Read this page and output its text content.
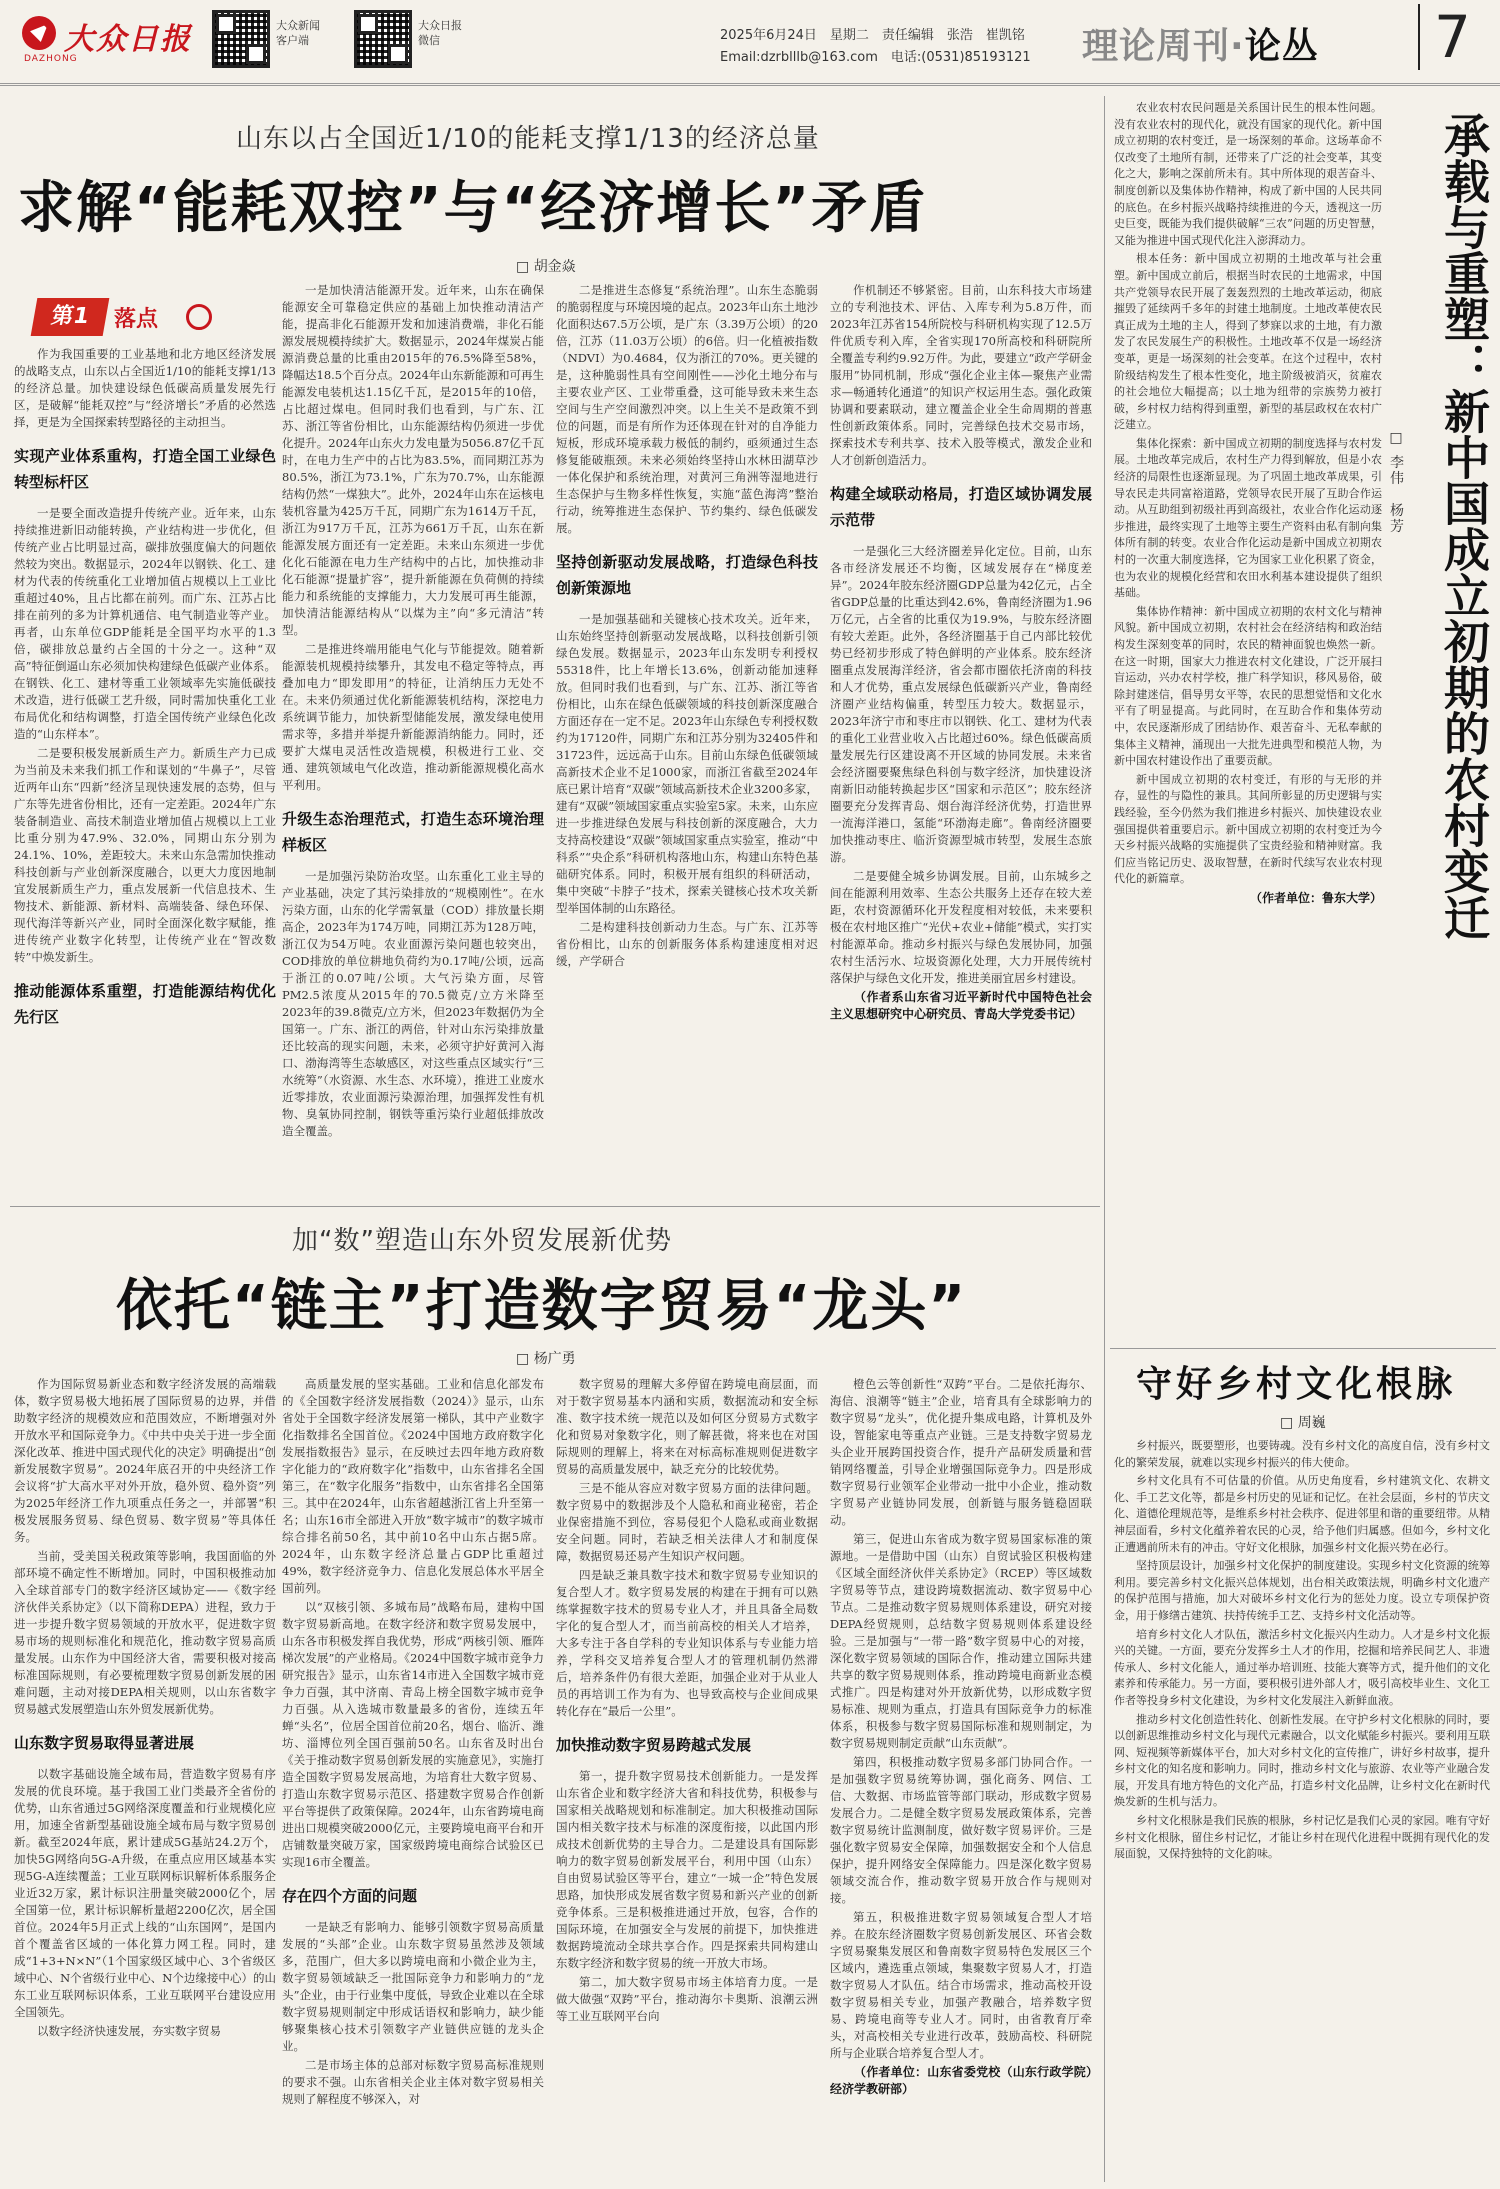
大众日报
DAZHONG
大众新闻
客户端
大众日报
微信	2025年6月24日　星期二　责任编辑　张浩　崔凯铭
Email:dzrblllb@163.com　电话:(0531)85193121 理论周刊·论丛 7
山东以占全国近1/10的能耗支撑1/13的经济总量
求解“能耗双控”与“经济增长”矛盾
□ 胡金焱
第1	落点

作为我国重要的工业基地和北方地区经济发展的战略支点，山东以占全国近1/10的能耗支撑1/13的经济总量。加快建设绿色低碳高质量发展先行区，是破解“能耗双控”与“经济增长”矛盾的必然选择，更是为全国探索转型路径的主动担当。

实现产业体系重构，打造全国工业绿色转型标杆区

一是要全面改造提升传统产业。近年来，山东持续推进新旧动能转换，产业结构进一步优化，但传统产业占比明显过高，碳排放强度偏大的问题依然较为突出。数据显示，2024年以钢铁、化工、建材为代表的传统重化工业增加值占规模以上工业比重超过40%，且占比都在前列。而广东、江苏占比排在前列的多为计算机通信、电气制造业等产业。再者，山东单位GDP能耗是全国平均水平的1.3倍，碳排放总量约占全国的十分之一。这种“双高”特征倒逼山东必须加快构建绿色低碳产业体系。在钢铁、化工、建材等重工业领域率先实施低碳技术改造，进行低碳工艺升级，同时需加快重化工业布局优化和结构调整，打造全国传统产业绿色化改造的“山东样本”。

二是要积极发展新质生产力。新质生产力已成为当前及未来我们抓工作和谋划的“牛鼻子”，尽管近两年山东“四新”经济呈现快速发展的态势，但与广东等先进省份相比，还有一定差距。2024年广东装备制造业、高技术制造业增加值占规模以上工业比重分别为47.9%、32.0%，同期山东分别为24.1%、10%，差距较大。未来山东急需加快推动科技创新与产业创新深度融合，以更大力度因地制宜发展新质生产力，重点发展新一代信息技术、生物技术、新能源、新材料、高端装备、绿色环保、现代海洋等新兴产业，同时全面深化数字赋能，推进传统产业数字化转型，让传统产业在“智改数转”中焕发新生。

推动能源体系重塑，打造能源结构优化先行区

一是加快清洁能源开发。近年来，山东在确保能源安全可靠稳定供应的基础上加快推动清洁产能，提高非化石能源开发和加速消费端，非化石能源发展规模持续扩大。数据显示，2024年煤炭占能源消费总量的比重由2015年的76.5%降至58%，降幅达18.5个百分点。2024年山东新能源和可再生能源发电装机达1.15亿千瓦，是2015年的10倍，占比超过煤电。但同时我们也看到，与广东、江苏、浙江等省份相比，山东能源结构仍须进一步优化提升。2024年山东火力发电量为5056.87亿千瓦时，在电力生产中的占比为83.5%，而同期江苏为80.5%，浙江为73.1%，广东为70.7%，山东能源结构仍然“一煤独大”。此外，2024年山东在运核电装机容量为425万千瓦，同期广东为1614万千瓦，浙江为917万千瓦，江苏为661万千瓦，山东在新能源发展方面还有一定差距。未来山东须进一步优化化石能源在电力生产结构中的占比，加快推动非化石能源“提量扩容”，提升新能源在负荷侧的持续能力和系统能的支撑能力，大力发展可再生能源，加快清洁能源结构从“以煤为主”向“多元清洁”转型。

二是推进终端用能电气化与节能提效。随着新能源装机规模持续攀升，其发电不稳定等特点，再叠加电力“即发即用”的特征，让消纳压力无处不在。未来仍须通过优化新能源装机结构，深挖电力系统调节能力，加快新型储能发展，激发绿电使用需求等，多措并举提升新能源消纳能力。同时，还要扩大煤电灵活性改造规模，积极进行工业、交通、建筑领域电气化改造，推动新能源规模化高水平利用。

升级生态治理范式，打造生态环境治理样板区

一是加强污染防治攻坚。山东重化工业主导的产业基础，决定了其污染排放的“规模刚性”。在水污染方面，山东的化学需氧量（COD）排放量长期高企，2023年为174万吨，同期江苏为128万吨，浙江仅为54万吨。农业面源污染问题也较突出，COD排放的单位耕地负荷约为0.17吨/公顷，远高于浙江的0.07吨/公顷。大气污染方面，尽管PM2.5浓度从2015年的70.5微克/立方米降至2023年的39.8微克/立方米，但2023年数据仍为全国第一。广东、浙江的两倍，针对山东污染排放量还比较高的现实问题，未来，必须守护好黄河入海口、渤海湾等生态敏感区，对这些重点区域实行“三水统筹”（水资源、水生态、水环境），推进工业废水近零排放，农业面源污染源治理，加强挥发性有机物、臭氧协同控制，钢铁等重污染行业超低排放改造全覆盖。

二是推进生态修复“系统治理”。山东生态脆弱的脆弱程度与环境因境的起点。2023年山东土地沙化面积达67.5万公顷，是广东（3.39万公顷）的20倍，江苏（11.03万公顷）的6倍。归一化植被指数（NDVI）为0.4684，仅为浙江的70%。更关键的是，这种脆弱性具有空间刚性——沙化土地分布与主要农业产区、工业带重叠，这可能导致未来生态空间与生产空间激烈冲突。以上生关不是政策不到位的问题，而是有所作为还体现在针对的自净能力短板，形成环境承载力极低的制约，亟须通过生态修复能破瓶颈。未来必须始终坚持山水林田湖草沙一体化保护和系统治理，对黄河三角洲等湿地进行生态保护与生物多样性恢复，实施“蓝色海湾”整治行动，统筹推进生态保护、节约集约、绿色低碳发展。

坚持创新驱动发展战略，打造绿色科技创新策源地

一是加强基础和关键核心技术攻关。近年来，山东始终坚持创新驱动发展战略，以科技创新引领绿色发展。数据显示，2023年山东发明专利授权55318件，比上年增长13.6%，创新动能加速释放。但同时我们也看到，与广东、江苏、浙江等省份相比，山东在绿色低碳领域的科技创新深度融合方面还存在一定不足。2023年山东绿色专利授权数约为17120件，同期广东和江苏分别为32405件和31723件，远远高于山东。目前山东绿色低碳领域高新技术企业不足1000家，而浙江省截至2024年底已累计培育“双碳”领域高新技术企业3200多家，建有“双碳”领域国家重点实验室5家。未来，山东应进一步推进绿色发展与科技创新的深度融合，大力支持高校建设“双碳”领域国家重点实验室，推动“中科系”“央企系”科研机构落地山东，构建山东特色基础研究体系。同时，积极开展有组织的科研活动，集中突破“卡脖子”技术，探索关键核心技术攻关新型举国体制的山东路径。

二是构建科技创新动力生态。与广东、江苏等省份相比，山东的创新服务体系构建速度相对迟缓，产学研合

作机制还不够紧密。目前，山东科技大市场建立的专利池技术、评估、入库专利为5.8万件，而2023年江苏省154所院校与科研机构实现了12.5万件优质专利入库，全省实现170所高校和科研院所全覆盖专利约9.92万件。为此，要建立“政产学研金服用”协同机制，形成“强化企业主体—聚焦产业需求—畅通转化通道”的知识产权运用生态。强化政策协调和要素联动，建立覆盖企业全生命周期的普惠性创新政策体系。同时，完善绿色技术交易市场，探索技术专利共享、技术入股等模式，激发企业和人才创新创造活力。

构建全域联动格局，打造区域协调发展示范带

一是强化三大经济圈差异化定位。目前，山东各市经济发展还不均衡，区域发展存在“梯度差异”。2024年胶东经济圈GDP总量为42亿元，占全省GDP总量的比重达到42.6%，鲁南经济圈为1.96万亿元，占全省的比重仅为19.9%，与胶东经济圈有较大差距。此外，各经济圈基于自己内部比较优势已经初步形成了特色鲜明的产业体系。胶东经济圈重点发展海洋经济，省会都市圈依托济南的科技和人才优势，重点发展绿色低碳新兴产业，鲁南经济圈产业结构偏重，转型压力较大。数据显示，2023年济宁市和枣庄市以钢铁、化工、建材为代表的重化工业营业收入占比超过60%。绿色低碳高质量发展先行区建设离不开区域的协同发展。未来省会经济圈要聚焦绿色科创与数字经济，加快建设济南新旧动能转换起步区“国家和示范区”；胶东经济圈要充分发挥青岛、烟台海洋经济优势，打造世界一流海洋港口，氢能“环渤海走廊”。鲁南经济圈要加快推动枣庄、临沂资源型城市转型，发展生态旅游。

二是要健全城乡协调发展。目前，山东城乡之间在能源利用效率、生态公共服务上还存在较大差距，农村资源循环化开发程度相对较低，未来要积极在农村地区推广“光伏+农业+储能”模式，实打实村能源革命。推动乡村振兴与绿色发展协同，加强农村生活污水、垃圾资源化处理，大力开展传统村落保护与绿色文化开发，推进美丽宜居乡村建设。

（作者系山东省习近平新时代中国特色社会主义思想研究中心研究员、青岛大学党委书记）

加“数”塑造山东外贸发展新优势
依托“链主”打造数字贸易“龙头”
□ 杨广勇

作为国际贸易新业态和数字经济发展的高端载体，数字贸易极大地拓展了国际贸易的边界，并借助数字经济的规模效应和范围效应，不断增强对外开放水平和国际竞争力。《中共中央关于进一步全面深化改革、推进中国式现代化的决定》明确提出“创新发展数字贸易”。2024年底召开的中央经济工作会议将“扩大高水平对外开放，稳外贸、稳外资”列为2025年经济工作九项重点任务之一，并部署“积极发展服务贸易、绿色贸易、数字贸易”等具体任务。

当前，受美国关税政策等影响，我国面临的外部环境不确定性不断增加。同时，中国积极推动加入全球首部专门的数字经济区域协定——《数字经济伙伴关系协定》（以下简称DEPA）进程，致力于进一步提升数字贸易领域的开放水平，促进数字贸易市场的规则标准化和规范化，推动数字贸易高质量发展。山东作为中国经济大省，需要积极对接高标准国际规则，有必要梳理数字贸易创新发展的困难问题，主动对接DEPA相关规则，以山东省数字贸易越式发展塑造山东外贸发展新优势。

山东数字贸易取得显著进展

以数字基础设施全域布局，营造数字贸易有序发展的优良环境。基于我国工业门类最齐全省份的优势，山东省通过5G网络深度覆盖和行业规模化应用，加速全省新型基础设施全域布局与数字贸易创新。截至2024年底，累计建成5G基站24.2万个，加快5G网络向5G-A升级，在重点应用区域基本实现5G-A连续覆盖；工业互联网标识解析体系服务企业近32万家，累计标识注册量突破2000亿个，居全国第一位，累计标识解析量超2200亿次，居全国首位。2024年5月正式上线的“山东国网”，是国内首个覆盖省区域的一体化算力网工程。同时，建成“1+3+N×N”（1个国家级区域中心、3个省级区域中心、N个省级行业中心、N个边缘接中心）的山东工业互联网标识体系，工业互联网平台建设应用全国领先。

以数字经济快速发展，夯实数字贸易

高质量发展的坚实基础。工业和信息化部发布的《全国数字经济发展指数（2024）》显示，山东省处于全国数字经济发展第一梯队，其中产业数字化指数排名全国首位。《2024中国地方政府数字化发展指数报告》显示，在反映过去四年地方政府数字化能力的“政府数字化”指数中，山东省排名全国第三，在“数字化服务”指数中，山东省排名全国第三。其中在2024年，山东省超越浙江省上升至第一名；山东16市全部进入开放“数字城市”的数字城市综合排名前50名，其中前10名中山东占据5席。2024年，山东数字经济总量占GDP比重超过49%，数字经济竞争力、信息化发展总体水平居全国前列。

以“双核引领、多城布局”战略布局，建构中国数字贸易新高地。在数字经济和数字贸易发展中，山东各市积极发挥自我优势，形成“两核引领、雁阵梯次发展”的产业格局。《2024中国数字城市竞争力研究报告》显示，山东省14市进入全国数字城市竞争力百强，其中济南、青岛上榜全国数字城市竞争力百强。从入选城市数量最多的省份，连续五年蝉“头名”，位居全国首位前20名，烟台、临沂、潍坊、淄博位列全国百强前50名。山东省及时出台《关于推动数字贸易创新发展的实施意见》，实施打造全国数字贸易发展高地，为培育壮大数字贸易、打造山东数字贸易示范区、搭建数字贸易合作创新平台等提供了政策保障。2024年，山东省跨境电商进出口规模突破2000亿元，主要跨境电商平台和开店铺数量突破万家，国家级跨境电商综合试验区已实现16市全覆盖。

存在四个方面的问题

一是缺乏有影响力、能够引领数字贸易高质量发展的“头部”企业。山东数字贸易虽然涉及领域多，范围广，但大多以跨境电商和小微企业为主，数字贸易领域缺乏一批国际竞争力和影响力的“龙头”企业，由于行业集中度低，导致企业难以在全球数字贸易规则制定中形成话语权和影响力，缺少能够聚集核心技术引领数字产业链供应链的龙头企业。

二是市场主体的总部对标数字贸易高标准规则的要求不强。山东省相关企业主体对数字贸易相关规则了解程度不够深入，对

数字贸易的理解大多停留在跨境电商层面，而对于数字贸易基本内涵和实质，数据流动和安全标准、数字技术统一规范以及如何区分贸易方式数字化和贸易对象数字化，则了解甚微，将来也在对国际规则的理解上，将来在对标高标准规则促进数字贸易的高质量发展中，缺乏充分的比较优势。

三是不能从容应对数字贸易方面的法律问题。数字贸易中的数据涉及个人隐私和商业秘密，若企业保密措施不到位，容易侵犯个人隐私或商业数据安全问题。同时，若缺乏相关法律人才和制度保障，数据贸易还易产生知识产权问题。

四是缺乏兼具数字技术和数字贸易专业知识的复合型人才。数字贸易发展的构建在于拥有可以熟练掌握数字技术的贸易专业人才，并且具备全局数字化的复合型人才，而当前高校的相关人才培养，大多专注于各自学科的专业知识体系与专业能力培养，学科交叉培养复合型人才的管理机制仍然滞后，培养条件仍有很大差距，加强企业对于从业人员的再培训工作为有为、也导致高校与企业间成果转化存在“最后一公里”。

加快推动数字贸易跨越式发展

第一，提升数字贸易技术创新能力。一是发挥山东省企业和数字经济大省和科技优势，积极参与国家相关战略规划和标准制定。加大积极推动国际国内相关数字技术与标准的深度衔接，以此国内形成技术创新优势的主导合力。二是建设具有国际影响力的数字贸易创新发展平台，利用中国（山东）自由贸易试验区等平台，建立“一城一企”特色发展思路，加快形成发展省数字贸易和新兴产业的创新竞争体系。三是积极推进通过开放，包容，合作的国际环境，在加强安全与发展的前提下，加快推进数据跨境流动全球共享合作。四是探索共同构建山东数字经济和数字贸易的统一开放大市场。

第二，加大数字贸易市场主体培育力度。一是做大做强“双跨”平台，推动海尔卡奥斯、浪潮云洲等工业互联网平台向

橙色云等创新性“双跨”平台。二是依托海尔、海信、浪潮等“链主”企业，培育具有全球影响力的数字贸易“龙头”，优化提升集成电路，计算机及外设，智能家电等重点产业链。三是支持数字贸易龙头企业开展跨国投资合作，提升产品研发质量和营销网络覆盖，引导企业增强国际竞争力。四是形成数字贸易行业领军企业带动一批中小企业，推动数字贸易产业链协同发展，创新链与服务链稳固联动。

第三，促进山东省成为数字贸易国家标准的策源地。一是借助中国（山东）自贸试验区积极构建《区域全面经济伙伴关系协定》（RCEP）等区域数字贸易等节点，建设跨境数据流动、数字贸易中心节点。二是推动数字贸易规则体系建设，研究对接DEPA经贸规则，总结数字贸易规则体系建设经验。三是加强与“一带一路”数字贸易中心的对接，深化数字贸易领域的国际合作，推动建立国际共建共享的数字贸易规则体系，推动跨境电商新业态模式推广。四是构建对外开放新优势，以形成数字贸易标准、规则为重点，打造具有国际竞争力的标准体系，积极参与数字贸易国际标准和规则制定，为数字贸易规则制定贡献“山东贡献”。

第四，积极推动数字贸易多部门协同合作。一是加强数字贸易统筹协调，强化商务、网信、工信、大数据、市场监管等部门联动，形成数字贸易发展合力。二是健全数字贸易发展政策体系，完善数字贸易统计监测制度，做好数字贸易评价。三是强化数字贸易安全保障，加强数据安全和个人信息保护，提升网络安全保障能力。四是深化数字贸易领域交流合作，推动数字贸易开放合作与规则对接。

第五，积极推进数字贸易领域复合型人才培养。在胶东经济圈数字贸易创新发展区、环省会数字贸易聚集发展区和鲁南数字贸易特色发展区三个区域内，遴选重点领域，集聚数字贸易人才，打造数字贸易人才队伍。结合市场需求，推动高校开设数字贸易相关专业，加强产教融合，培养数字贸易、跨境电商等专业人才。同时，由省教育厅牵头，对高校相关专业进行改革，鼓励高校、科研院所与企业联合培养复合型人才。

（作者单位：山东省委党校（山东行政学院）经济学教研部）

农业农村农民问题是关系国计民生的根本性问题。没有农业农村的现代化，就没有国家的现代化。新中国成立初期的农村变迁，是一场深刻的革命。这场革命不仅改变了土地所有制，还带来了广泛的社会变革，其变化之大，影响之深前所未有。其中所体现的艰苦奋斗、制度创新以及集体协作精神，构成了新中国的人民共同的底色。在乡村振兴战略持续推进的今天，透视这一历史巨变，既能为我们提供破解“三农”问题的历史智慧，又能为推进中国式现代化注入澎湃动力。

根本任务：新中国成立初期的土地改革与社会重塑。新中国成立前后，根据当时农民的土地需求，中国共产党领导农民开展了轰轰烈烈的土地改革运动，彻底摧毁了延续两千多年的封建土地制度。土地改革使农民真正成为土地的主人，得到了梦寐以求的土地，有力激发了农民发展生产的积极性。土地改革不仅是一场经济变革，更是一场深刻的社会变革。在这个过程中，农村阶级结构发生了根本性变化，地主阶级被消灭，贫雇农的社会地位大幅提高；以土地为纽带的宗族势力被打破，乡村权力结构得到重塑，新型的基层政权在农村广泛建立。

集体化探索：新中国成立初期的制度选择与农村发展。土地改革完成后，农村生产力得到解放，但是小农经济的局限性也逐渐显现。为了巩固土地改革成果，引导农民走共同富裕道路，党领导农民开展了互助合作运动。从互助组到初级社再到高级社，农业合作化运动逐步推进，最终实现了土地等主要生产资料由私有制向集体所有制的转变。农业合作化运动是新中国成立初期农村的一次重大制度选择，它为国家工业化积累了资金，也为农业的规模化经营和农田水利基本建设提供了组织基础。

集体协作精神：新中国成立初期的农村文化与精神风貌。新中国成立初期，农村社会在经济结构和政治结构发生深刻变革的同时，农民的精神面貌也焕然一新。在这一时期，国家大力推进农村文化建设，广泛开展扫盲运动，兴办农村学校，推广科学知识，移风易俗，破除封建迷信，倡导男女平等，农民的思想觉悟和文化水平有了明显提高。与此同时，在互助合作和集体劳动中，农民逐渐形成了团结协作、艰苦奋斗、无私奉献的集体主义精神，涌现出一大批先进典型和模范人物，为新中国农村建设作出了重要贡献。

新中国成立初期的农村变迁，有形的与无形的并存，显性的与隐性的兼具。其间所彰显的历史逻辑与实践经验，至今仍然为我们推进乡村振兴、加快建设农业强国提供着重要启示。新中国成立初期的农村变迁为今天乡村振兴战略的实施提供了宝贵经验和精神财富。我们应当铭记历史、汲取智慧，在新时代续写农业农村现代化的新篇章。

（作者单位：鲁东大学）

□ 李伟　杨芳 承载与重塑：新中国成立初期的农村变迁
守好乡村文化根脉
□ 周巍

乡村振兴，既要塑形，也要铸魂。没有乡村文化的高度自信，没有乡村文化的繁荣发展，就难以实现乡村振兴的伟大使命。

乡村文化具有不可估量的价值。从历史角度看，乡村建筑文化、农耕文化、手工艺文化等，都是乡村历史的见证和记忆。在社会层面，乡村的节庆文化、道德伦理规范等，是维系乡村社会秩序、促进邻里和谐的重要纽带。从精神层面看，乡村文化蕴养着农民的心灵，给予他们归属感。但如今，乡村文化正遭遇前所未有的冲击。守好文化根脉，加强乡村文化振兴势在必行。

坚持顶层设计，加强乡村文化保护的制度建设。实现乡村文化资源的统筹利用。要完善乡村文化振兴总体规划，出台相关政策法规，明确乡村文化遗产的保护范围与措施，加大对破坏乡村文化行为的惩处力度。设立专项保护资金，用于修缮古建筑、扶持传统手工艺、支持乡村文化活动等。

培育乡村文化人才队伍，激活乡村文化振兴内生动力。人才是乡村文化振兴的关键。一方面，要充分发挥乡土人才的作用，挖掘和培养民间艺人、非遗传承人、乡村文化能人，通过举办培训班、技能大赛等方式，提升他们的文化素养和传承能力。另一方面，要积极引进外部人才，吸引高校毕业生、文化工作者等投身乡村文化建设，为乡村文化发展注入新鲜血液。

推动乡村文化创造性转化、创新性发展。在守护乡村文化根脉的同时，要以创新思维推动乡村文化与现代元素融合，以文化赋能乡村振兴。要利用互联网、短视频等新媒体平台，加大对乡村文化的宣传推广，讲好乡村故事，提升乡村文化的知名度和影响力。同时，推动乡村文化与旅游、农业等产业融合发展，开发具有地方特色的文化产品，打造乡村文化品牌，让乡村文化在新时代焕发新的生机与活力。

乡村文化根脉是我们民族的根脉，乡村记忆是我们心灵的家园。唯有守好乡村文化根脉，留住乡村记忆，才能让乡村在现代化进程中既拥有现代化的发展面貌，又保持独特的文化韵味。
